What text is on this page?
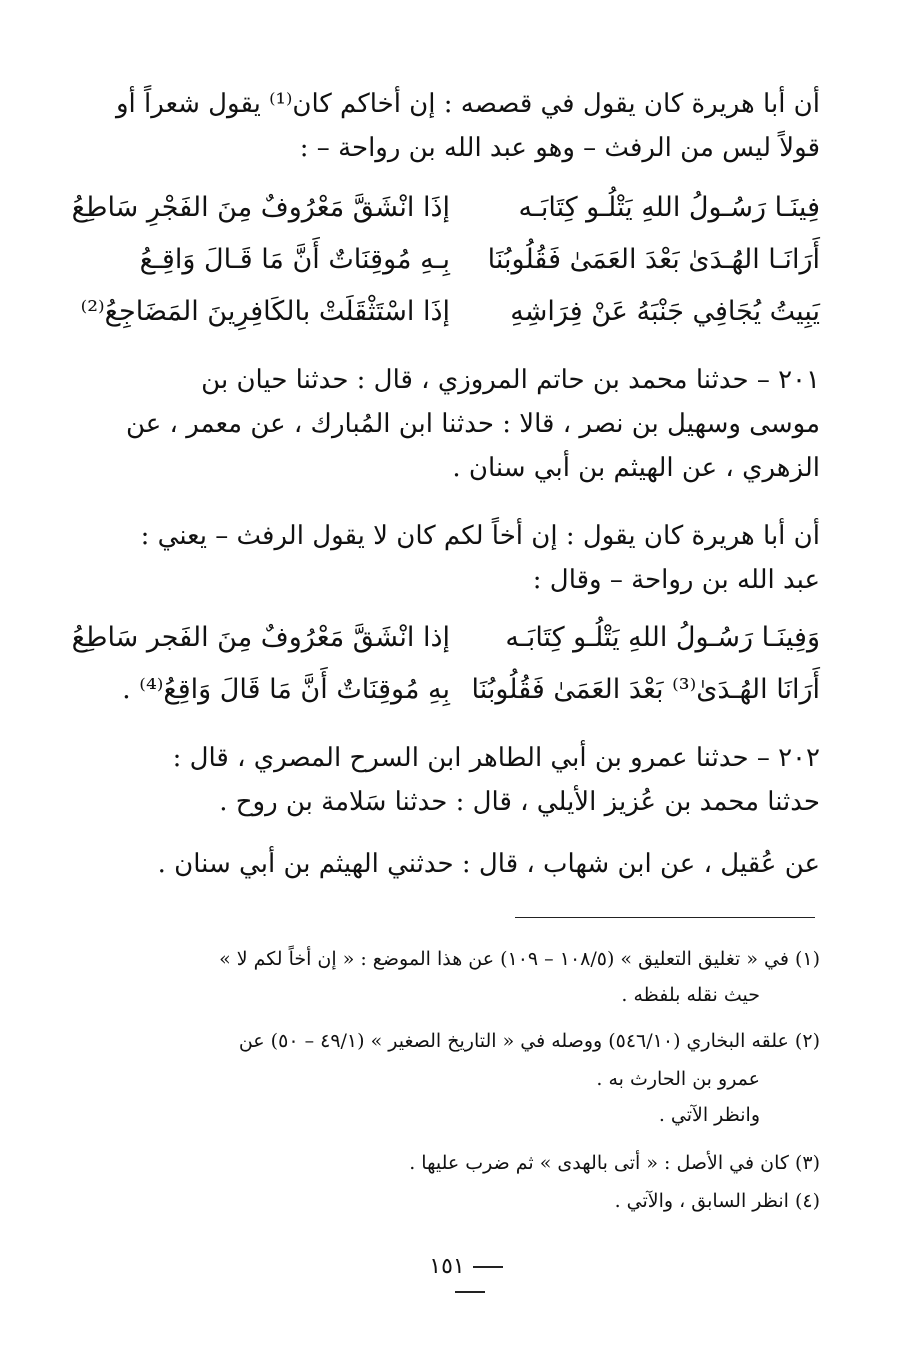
أن أبا هريرة كان يقول في قصصه : إن أخاكم كان⁽¹⁾ يقول شعراً أو
قولاً ليس من الرفث – وهو عبد الله بن رواحة – :
فِينَـا رَسُـولُ اللهِ يَتْلُـو كِتَابَـه
إذَا انْشَقَّ مَعْرُوفٌ مِنَ الفَجْرِ سَاطِعُ
أَرَانَـا الهُـدَىٰ بَعْدَ العَمَىٰ فَقُلُوبُنَا
بِـهِ مُوقِنَاتٌ أَنَّ مَا قَـالَ وَاقِـعُ
يَبِيتُ يُجَافِي جَنْبَهُ عَنْ فِرَاشِهِ
إذَا اسْتَثْقَلَتْ بالكَافِرِينَ المَضَاجِعُ⁽²⁾
٢٠١ – حدثنا محمد بن حاتم المروزي ، قال : حدثنا حيان بن
موسى وسهيل بن نصر ، قالا : حدثنا ابن المُبارك ، عن معمر ، عن
الزهري ، عن الهيثم بن أبي سنان .
أن أبا هريرة كان يقول : إن أخاً لكم كان لا يقول الرفث – يعني :
عبد الله بن رواحة – وقال :
وَفِينَـا رَسُـولُ اللهِ يَتْلُـو كِتَابَـه
إذا انْشَقَّ مَعْرُوفٌ مِنَ الفَجر سَاطِعُ
أَرَانَا الهُـدَىٰ⁽³⁾ بَعْدَ العَمَىٰ فَقُلُوبُنَا
بِهِ مُوقِنَاتٌ أَنَّ مَا قَالَ وَاقِعُ⁽⁴⁾ .
٢٠٢ – حدثنا عمرو بن أبي الطاهر ابن السرح المصري ، قال :
حدثنا محمد بن عُزيز الأيلي ، قال : حدثنا سَلامة بن روح .
عن عُقيل ، عن ابن شهاب ، قال : حدثني الهيثم بن أبي سنان .
(١) في « تغليق التعليق » (١٠٨/٥ – ١٠٩) عن هذا الموضع : « إن أخاً لكم لا »
حيث نقله بلفظه .
(٢) علقه البخاري (٥٤٦/١٠) ووصله في « التاريخ الصغير » (٤٩/١ – ٥٠) عن
عمرو بن الحارث به .
وانظر الآتي .
(٣) كان في الأصل : « أتى بالهدى » ثم ضرب عليها .
(٤) انظر السابق ، والآتي .
١٥١
